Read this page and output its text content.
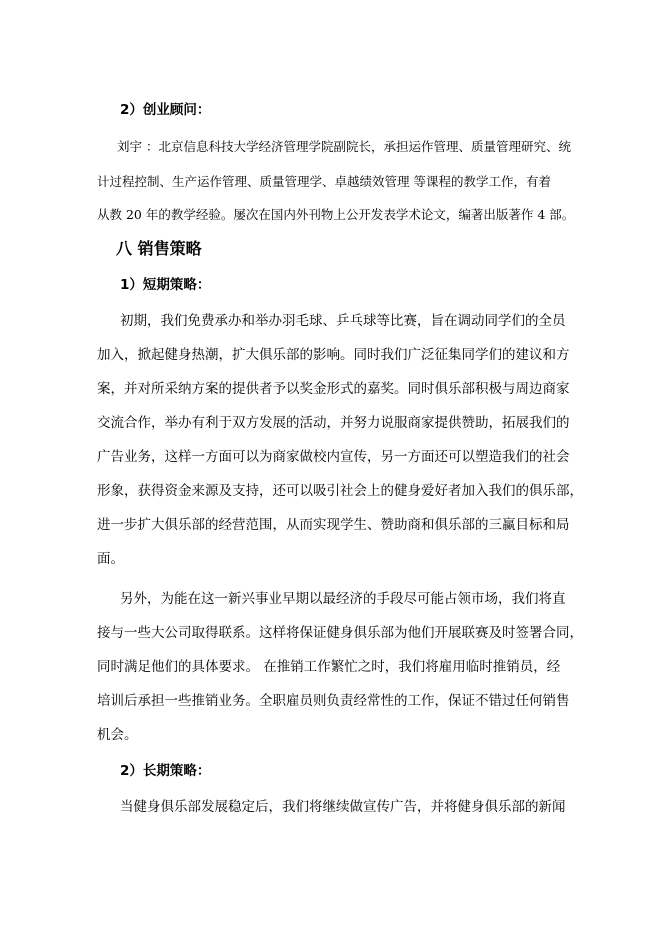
2）创业顾问：

刘宇 ：北京信息科技大学经济管理学院副院长，承担运作管理、质量管理研究、统

计过程控制、生产运作管理、质量管理学、卓越绩效管理 等课程的教学工作，有着

从教 20 年的教学经验。屡次在国内外刊物上公开发表学术论文，编著出版著作 4 部。

八 销售策略

1）短期策略：

初期，我们免费承办和举办羽毛球、乒乓球等比赛，旨在调动同学们的全员

加入，掀起健身热潮，扩大俱乐部的影响。同时我们广泛征集同学们的建议和方

案，并对所采纳方案的提供者予以奖金形式的嘉奖。同时俱乐部积极与周边商家

交流合作，举办有利于双方发展的活动，并努力说服商家提供赞助，拓展我们的

广告业务，这样一方面可以为商家做校内宣传，另一方面还可以塑造我们的社会

形象，获得资金来源及支持，还可以吸引社会上的健身爱好者加入我们的俱乐部，

进一步扩大俱乐部的经营范围，从而实现学生、赞助商和俱乐部的三赢目标和局

面。

另外，为能在这一新兴事业早期以最经济的手段尽可能占领市场，我们将直

接与一些大公司取得联系。这样将保证健身俱乐部为他们开展联赛及时签署合同，

同时满足他们的具体要求。 在推销工作繁忙之时，我们将雇用临时推销员，经

培训后承担一些推销业务。全职雇员则负责经常性的工作，保证不错过任何销售

机会。

2）长期策略：

当健身俱乐部发展稳定后，我们将继续做宣传广告，并将健身俱乐部的新闻
